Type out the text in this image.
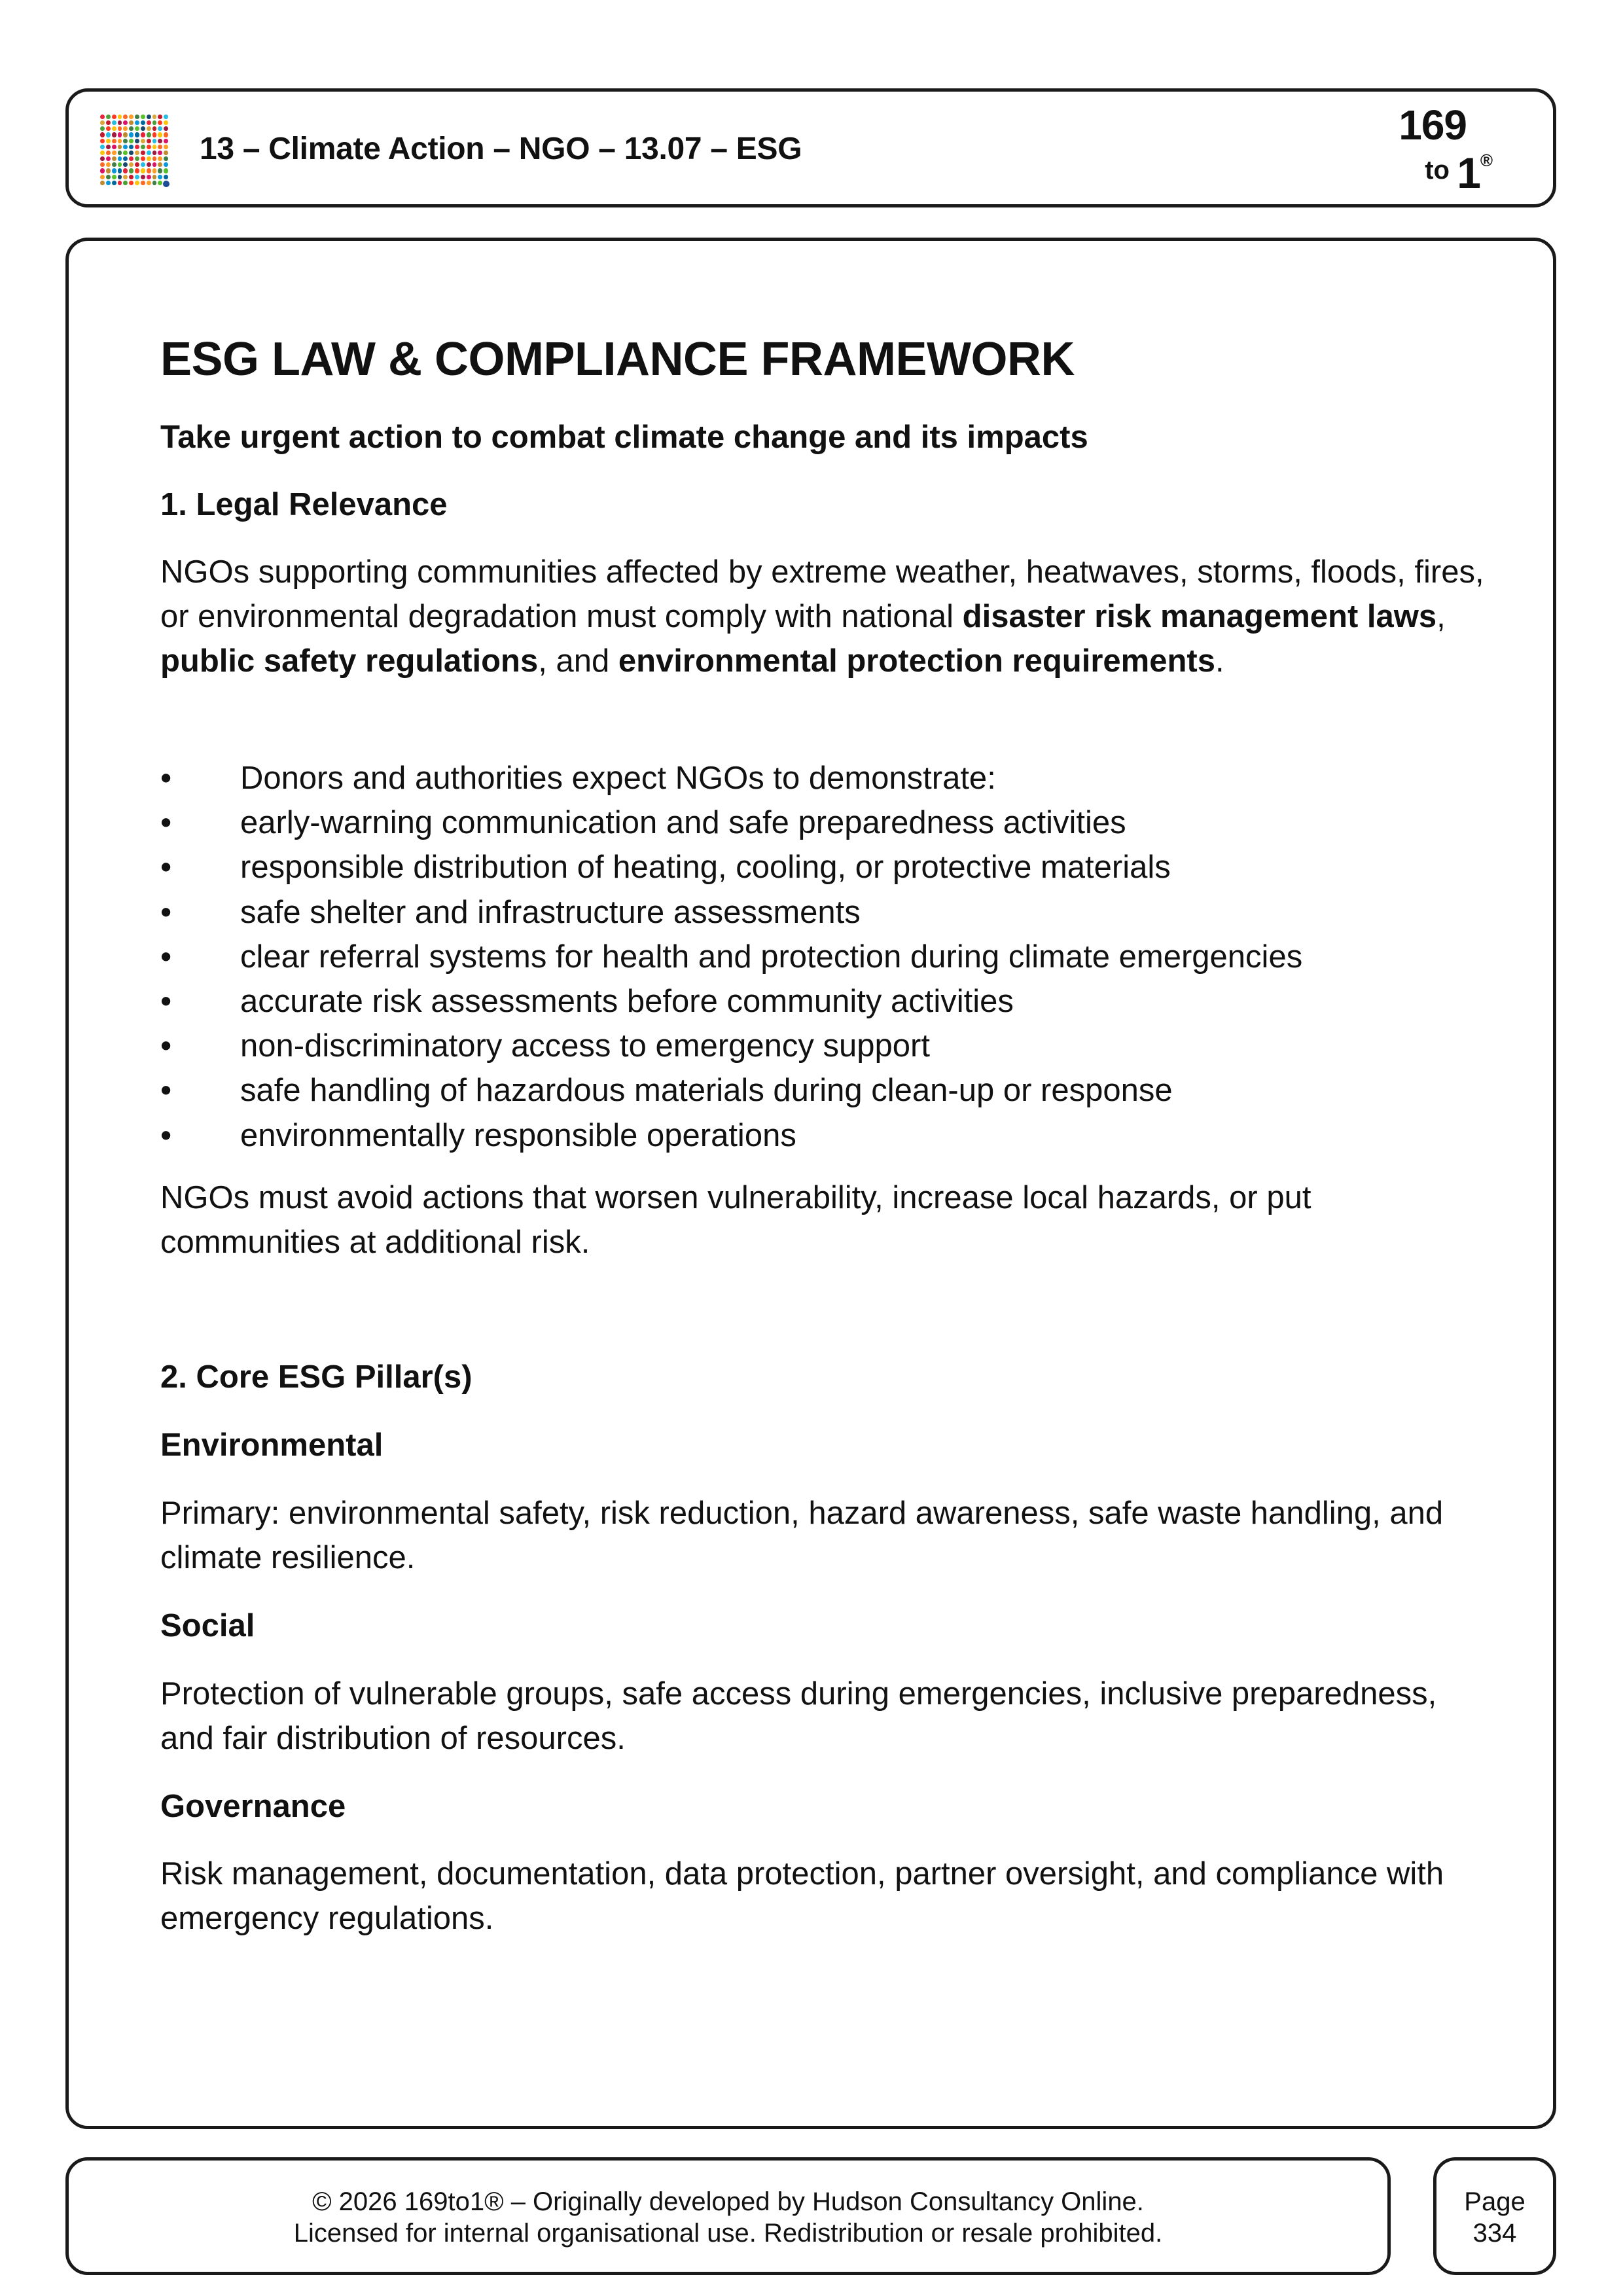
13 – Climate Action – NGO – 13.07 – ESG
169
to 1
®
ESG LAW & COMPLIANCE FRAMEWORK

Take urgent action to combat climate change and its impacts

1. Legal Relevance

NGOs supporting communities affected by extreme weather, heatwaves, storms, floods, fires, or environmental degradation must comply with national disaster risk management laws, public safety regulations, and environmental protection requirements.

• Donors and authorities expect NGOs to demonstrate:
• early-warning communication and safe preparedness activities
• responsible distribution of heating, cooling, or protective materials
• safe shelter and infrastructure assessments
• clear referral systems for health and protection during climate emergencies
• accurate risk assessments before community activities
• non-discriminatory access to emergency support
• safe handling of hazardous materials during clean-up or response
• environmentally responsible operations

NGOs must avoid actions that worsen vulnerability, increase local hazards, or put communities at additional risk.

2. Core ESG Pillar(s)

Environmental

Primary: environmental safety, risk reduction, hazard awareness, safe waste handling, and climate resilience.

Social

Protection of vulnerable groups, safe access during emergencies, inclusive preparedness, and fair distribution of resources.

Governance

Risk management, documentation, data protection, partner oversight, and compliance with emergency regulations.

© 2026 169to1® – Originally developed by Hudson Consultancy Online.
Licensed for internal organisational use. Redistribution or resale prohibited.
Page
334
